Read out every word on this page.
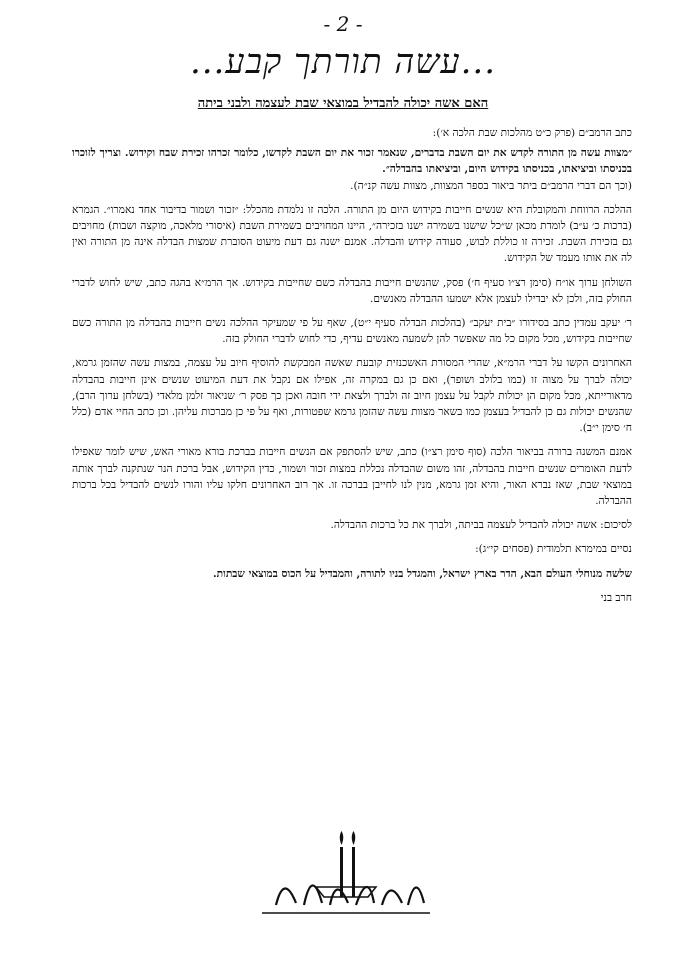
- 2 -
...עשה תורתך קבע...
האם אשה יכולה להבדיל במוצאי שבת לעצמה ולבני ביתה

כתב הרמב״ם (פרק כ״ט מהלכות שבת הלכה א׳):

״מצוות עשה מן התורה לקדש את יום השבת בדברים, שנאמר זכור את יום השבת לקדשו, כלומר זכרהו זכירת שבח וקידוש. וצריך לזוכרו בכניסתו וביציאתו, בכניסתו בקידוש היום, וביציאתו בהבדלה״.

(וכך הם דברי הרמב״ם ביתר ביאור בספר המצוות, מצוות עשה קנ״ה).

ההלכה הרווחת והמקובלת היא שנשים חייבות בקידוש היום מן התורה. הלכה זו נלמדת מהכלל: ״זכור ושמור בדיבור אחד נאמרו״. הגמרא (ברכות כ׳ ע״ב) לומדת מכאן ש״כל שישנו בשמירה ישנו בזכירה״, היינו המחויבים בשמירת השבת (איסורי מלאכה, מוקצה ושבות) מחויבים גם בזכירת השבת. זכירה זו כוללת לבוש, סעודה קידוש והבדלה. אמנם ישנה גם דעת מיעוט הסוברת שמצות הבדלה אינה מן התורה ואין לה את אותו מעמד של הקידוש.

השולחן ערוך או״ח (סימן רצ״ו סעיף ח׳) פסק, שהנשים חייבות בהבדלה כשם שחייבות בקידוש. אך הרמ״א בהגה כתב, שיש לחוש לדברי החולק בזה, ולכן לא יבדילו לעצמן אלא ישמעו ההבדלה מאנשים.

ר׳ יעקב עמדין כתב בסידורו ״בית יעקב״ (בהלכות הבדלה סעיף י״ט), שאף על פי שמעיקר ההלכה נשים חייבות בהבדלה מן התורה כשם שחייבות בקידוש, מכל מקום כל מה שאפשר להן לשמעה מאנשים עדיף, כדי לחוש לדברי החולק בזה.

האחרונים הקשו על דברי הרמ״א, שהרי המסורת האשכנזית קובעת שאשה המבקשת להוסיף חיוב על עצמה, במצות עשה שהזמן גרמא, יכולה לברך על מצוה זו (כמו בלולב ושופר), ואם כן גם במקרה זה, אפילו אם נקבל את דעת המיעוט שנשים אינן חייבות בהבדלה מדאורייתא, מכל מקום הן יכולות לקבל על עצמן חיוב זה ולברך ולצאת ידי חובה ואכן כך פסק ר׳ שניאור זלמן מלאדי (בשלחן ערוך הרב), שהנשים יכולות גם כן להבדיל בעצמן כמו בשאר מצוות עשה שהזמן גרמא שפטורות, ואף על פי כן מברכות עליהן. וכן כתב החיי אדם (כלל ח׳ סימן י״ב).

אמנם המשנה ברורה בביאור הלכה (סוף סימן רצ״ו) כתב, שיש להסתפק אם הנשים חייבות בברכת בורא מאורי האש, שיש לומר שאפילו לדעת האומרים שנשים חייבות בהבדלה, זהו משום שהבדלה נכללת במצות זכור ושמור, כדין הקידוש, אבל ברכת הנר שנתקנה לברך אותה במוצאי שבת, שאז נברא האור, והיא זמן גרמא, מנין לנו לחייבן בברכה זו. אך רוב האחרונים חלקו עליו והורו לנשים להבדיל בכל ברכות ההבדלה.

לסיכום: אשה יכולה להבדיל לעצמה בביתה, ולברך את כל ברכות ההבדלה.

נסיים במימרא תלמודית (פסחים קי״ג):

שלשה מנוחלי העולם הבא, הדר בארץ ישראל, והמגדל בניו לתורה, והמבדיל על הכוס במוצאי שבתות.

חרב בני
